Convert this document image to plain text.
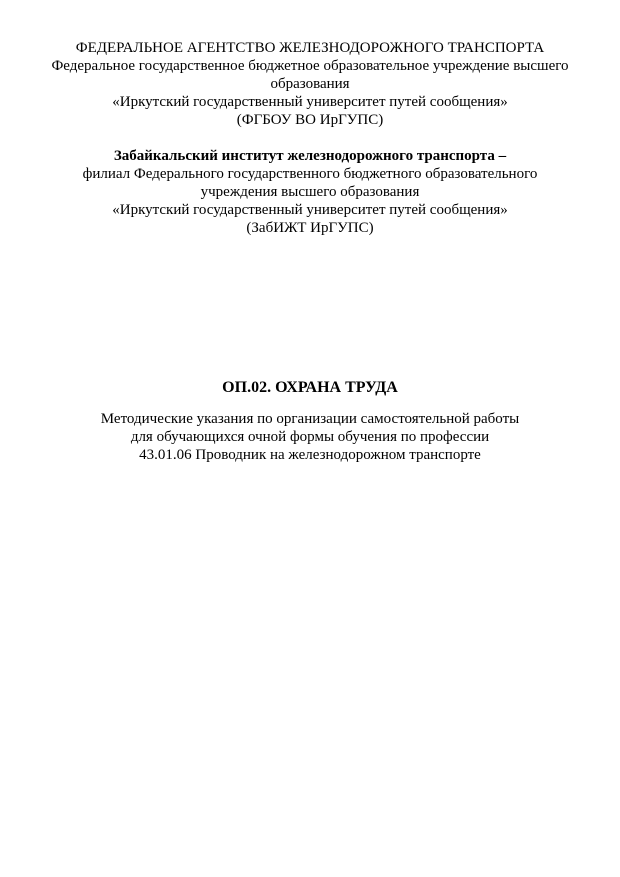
ФЕДЕРАЛЬНОЕ АГЕНТСТВО ЖЕЛЕЗНОДОРОЖНОГО ТРАНСПОРТА
Федеральное государственное бюджетное образовательное учреждение высшего
образования
«Иркутский государственный университет путей сообщения»
(ФГБОУ ВО ИрГУПС)
Забайкальский институт железнодорожного транспорта –
филиал Федерального государственного бюджетного образовательного
учреждения высшего образования
«Иркутский государственный университет путей сообщения»
(ЗабИЖТ ИрГУПС)
ОП.02. ОХРАНА ТРУДА
Методические указания по организации самостоятельной работы
для обучающихся очной формы обучения по профессии
43.01.06 Проводник на железнодорожном транспорте
